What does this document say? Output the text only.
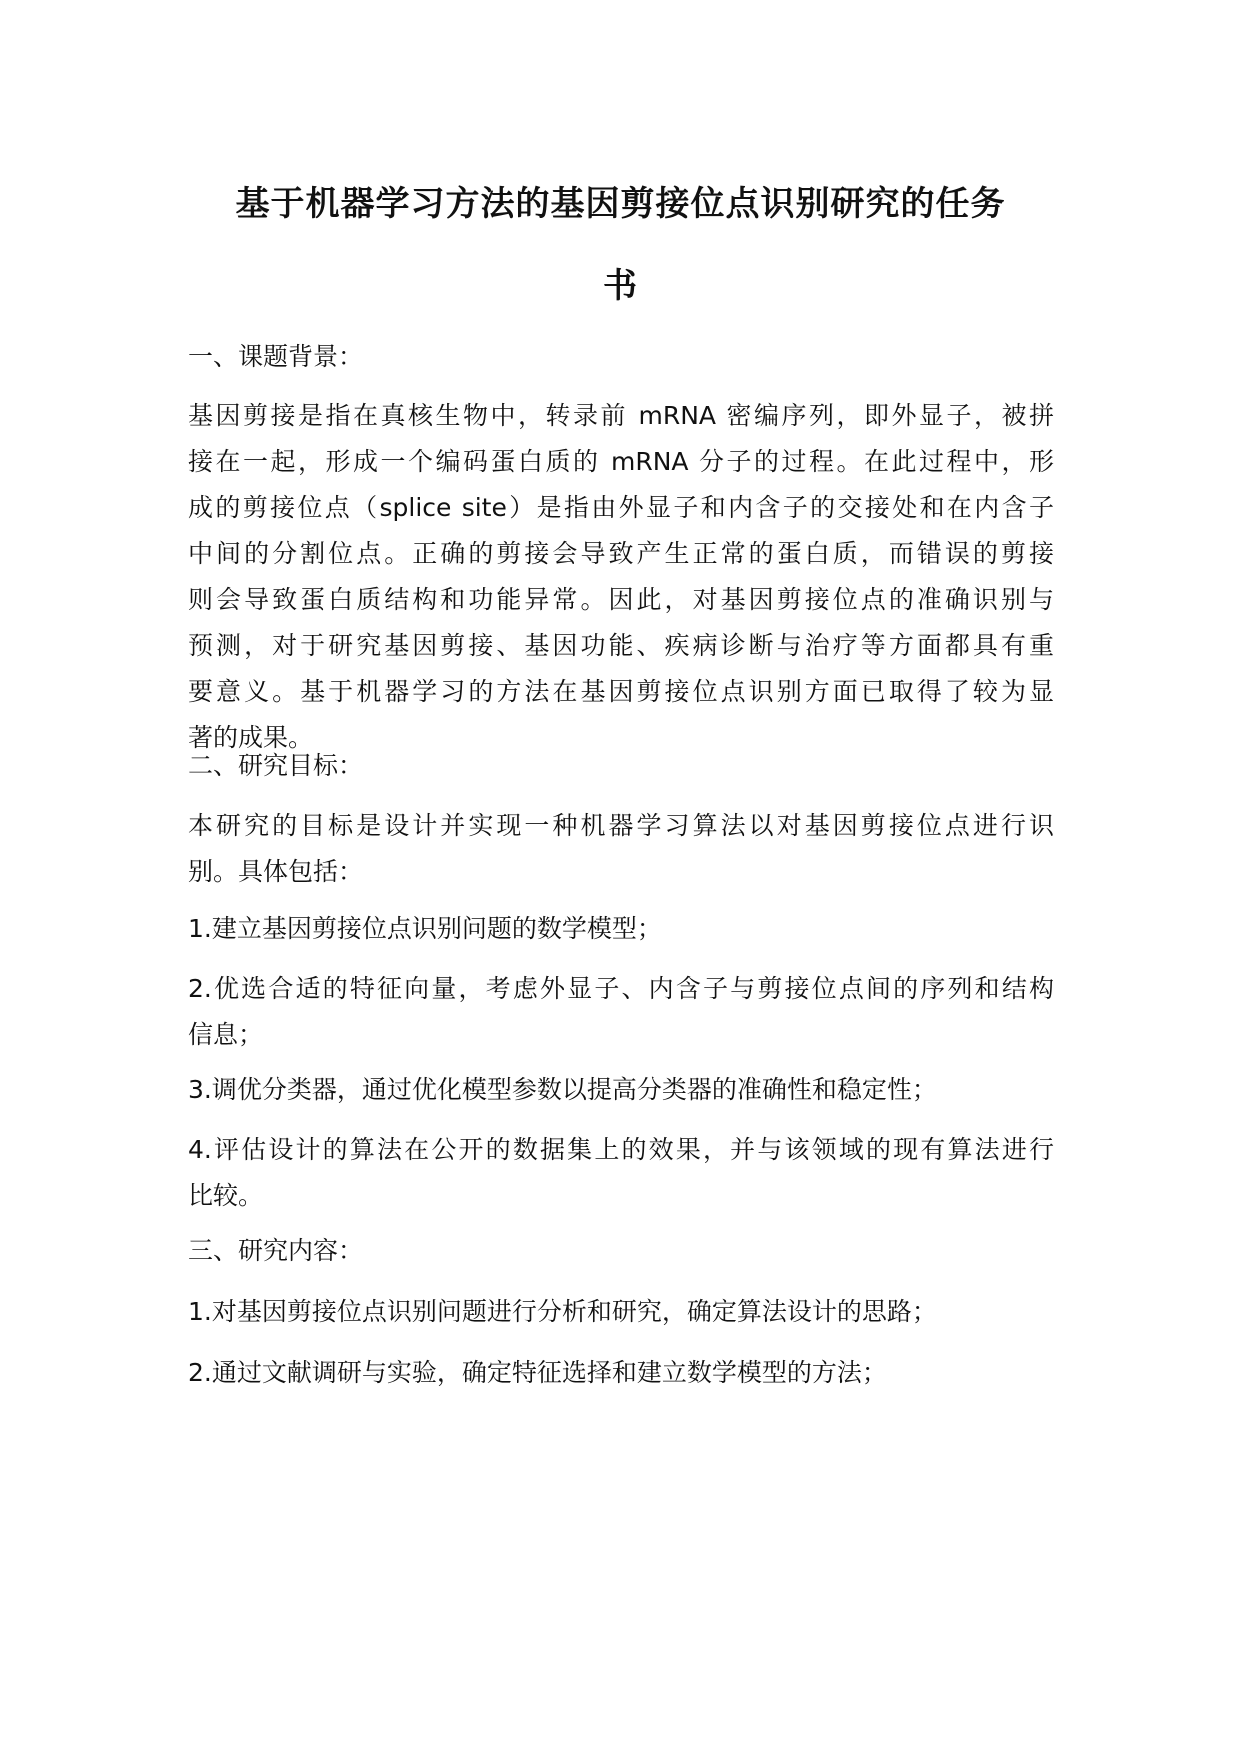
基于机器学习方法的基因剪接位点识别研究的任务
书

一、课题背景：

基因剪接是指在真核生物中，转录前 mRNA 密编序列，即外显子，被拼
接在一起，形成一个编码蛋白质的 mRNA 分子的过程。在此过程中，形
成的剪接位点（splice site）是指由外显子和内含子的交接处和在内含子
中间的分割位点。正确的剪接会导致产生正常的蛋白质，而错误的剪接
则会导致蛋白质结构和功能异常。因此，对基因剪接位点的准确识别与
预测，对于研究基因剪接、基因功能、疾病诊断与治疗等方面都具有重
要意义。基于机器学习的方法在基因剪接位点识别方面已取得了较为显
著的成果。

二、研究目标：

本研究的目标是设计并实现一种机器学习算法以对基因剪接位点进行识
别。具体包括：

1.建立基因剪接位点识别问题的数学模型；

2.优选合适的特征向量，考虑外显子、内含子与剪接位点间的序列和结构
信息；

3.调优分类器，通过优化模型参数以提高分类器的准确性和稳定性；

4.评估设计的算法在公开的数据集上的效果，并与该领域的现有算法进行
比较。

三、研究内容：

1.对基因剪接位点识别问题进行分析和研究，确定算法设计的思路；

2.通过文献调研与实验，确定特征选择和建立数学模型的方法；
